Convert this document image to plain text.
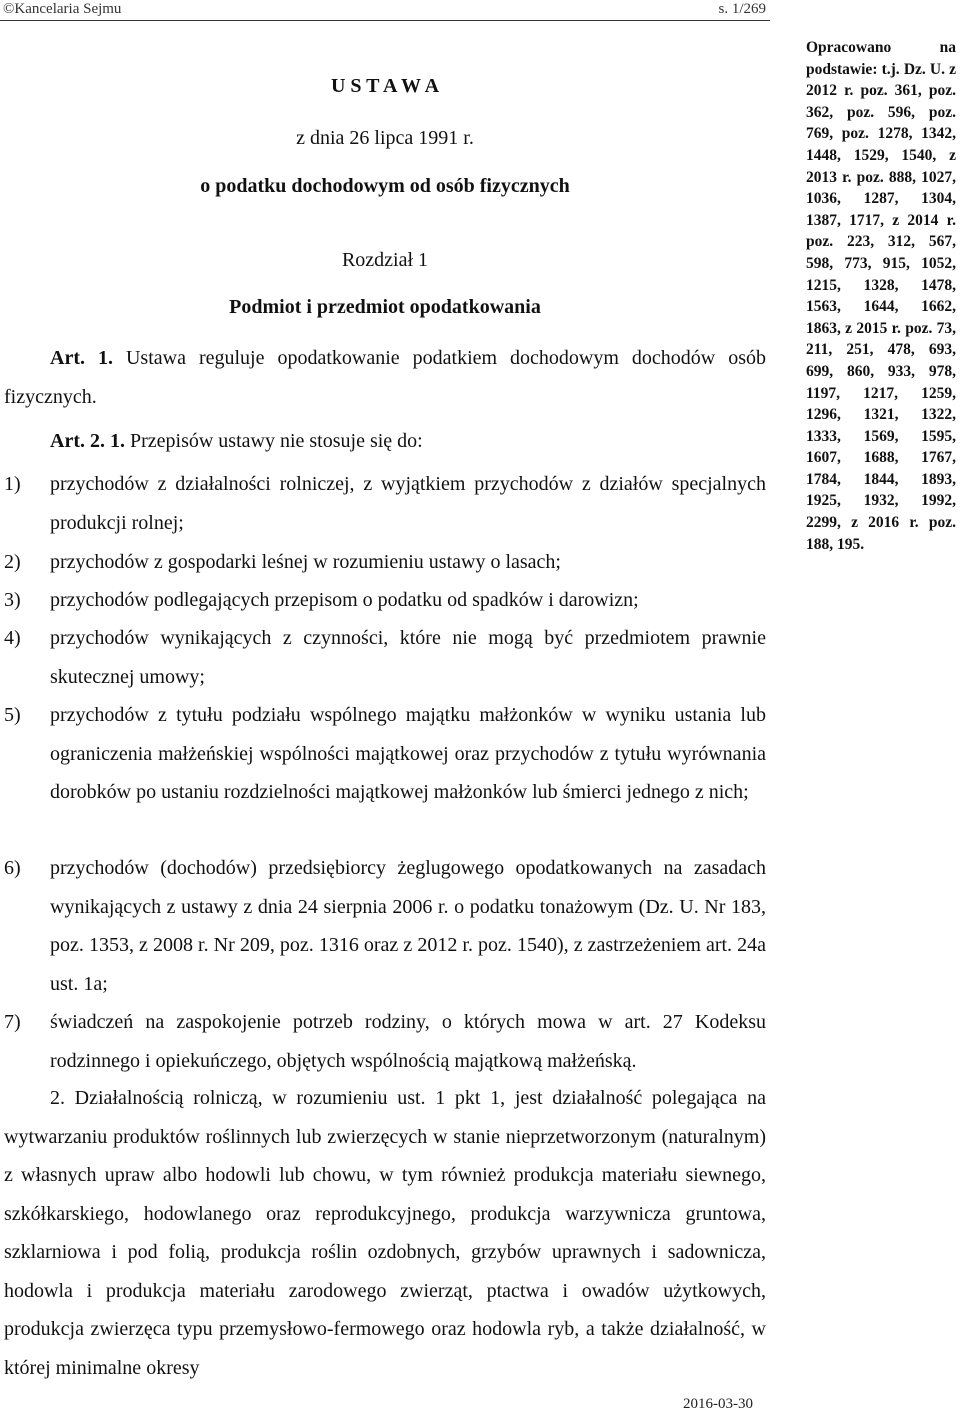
©Kancelaria Sejmu	s. 1/269
U S T A W A
z dnia 26 lipca 1991 r.
o podatku dochodowym od osób fizycznych
Rozdział 1
Podmiot i przedmiot opodatkowania
Art. 1. Ustawa reguluje opodatkowanie podatkiem dochodowym dochodów osób fizycznych.
Art. 2. 1. Przepisów ustawy nie stosuje się do:
1) przychodów z działalności rolniczej, z wyjątkiem przychodów z działów specjalnych produkcji rolnej;
2) przychodów z gospodarki leśnej w rozumieniu ustawy o lasach;
3) przychodów podlegających przepisom o podatku od spadków i darowizn;
4) przychodów wynikających z czynności, które nie mogą być przedmiotem prawnie skutecznej umowy;
5) przychodów z tytułu podziału wspólnego majątku małżonków w wyniku ustania lub ograniczenia małżeńskiej wspólności majątkowej oraz przychodów z tytułu wyrównania dorobków po ustaniu rozdzielności majątkowej małżonków lub śmierci jednego z nich;
6) przychodów (dochodów) przedsiębiorcy żeglugowego opodatkowanych na zasadach wynikających z ustawy z dnia 24 sierpnia 2006 r. o podatku tonażowym (Dz. U. Nr 183, poz. 1353, z 2008 r. Nr 209, poz. 1316 oraz z 2012 r. poz. 1540), z zastrzeżeniem art. 24a ust. 1a;
7) świadczeń na zaspokojenie potrzeb rodziny, o których mowa w art. 27 Kodeksu rodzinnego i opiekuńczego, objętych wspólnością majątkową małżeńską.
2. Działalnością rolniczą, w rozumieniu ust. 1 pkt 1, jest działalność polegająca na wytwarzaniu produktów roślinnych lub zwierzęcych w stanie nieprzetworzonym (naturalnym) z własnych upraw albo hodowli lub chowu, w tym również produkcja materiału siewnego, szkółkarskiego, hodowlanego oraz reprodukcyjnego, produkcja warzywnicza gruntowa, szklarniowa i pod folią, produkcja roślin ozdobnych, grzybów uprawnych i sadownicza, hodowla i produkcja materiału zarodowego zwierząt, ptactwa i owadów użytkowych, produkcja zwierzęca typu przemysłowo-fermowego oraz hodowla ryb, a także działalność, w której minimalne okresy
Opracowano na podstawie: t.j. Dz. U. z 2012 r. poz. 361, poz. 362, poz. 596, poz. 769, poz. 1278, 1342, 1448, 1529, 1540, z 2013 r. poz. 888, 1027, 1036, 1287, 1304, 1387, 1717, z 2014 r. poz. 223, 312, 567, 598, 773, 915, 1052, 1215, 1328, 1478, 1563, 1644, 1662, 1863, z 2015 r. poz. 73, 211, 251, 478, 693, 699, 860, 933, 978, 1197, 1217, 1259, 1296, 1321, 1322, 1333, 1569, 1595, 1607, 1688, 1767, 1784, 1844, 1893, 1925, 1932, 1992, 2299, z 2016 r. poz. 188, 195.
2016-03-30
